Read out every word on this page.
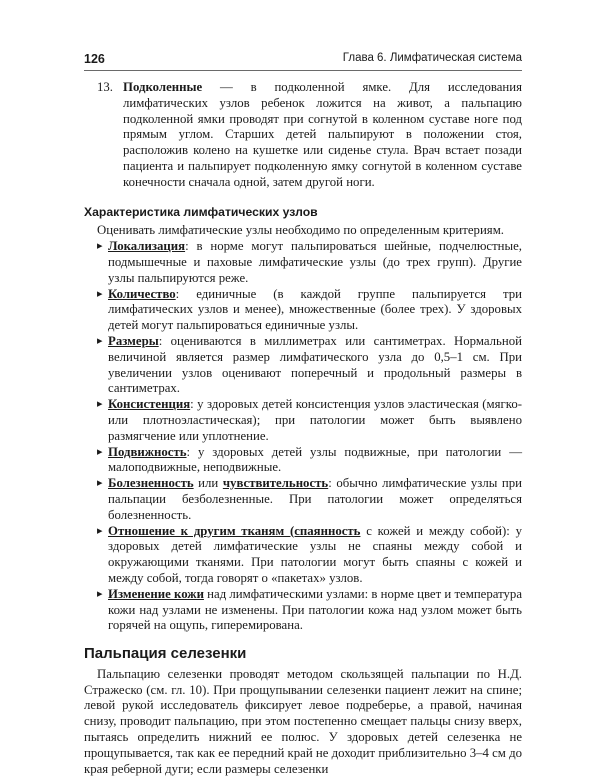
126	Глава 6. Лимфатическая система
13. Подколенные — в подколенной ямке. Для исследования лимфатических узлов ребенок ложится на живот, а пальпацию подколенной ямки проводят при согнутой в коленном суставе ноге под прямым углом. Старших детей пальпируют в положении стоя, расположив колено на кушетке или сиденье стула. Врач встает позади пациента и пальпирует подколенную ямку согнутой в коленном суставе конечности сначала одной, затем другой ноги.

Характеристика лимфатических узлов

Оценивать лимфатические узлы необходимо по определенным критериям.

▸ Локализация: в норме могут пальпироваться шейные, подчелюстные, подмышечные и паховые лимфатические узлы (до трех групп). Другие узлы пальпируются реже.
▸ Количество: единичные (в каждой группе пальпируется три лимфатических узлов и менее), множественные (более трех). У здоровых детей могут пальпироваться единичные узлы.
▸ Размеры: оцениваются в миллиметрах или сантиметрах. Нормальной величиной является размер лимфатического узла до 0,5–1 см. При увеличении узлов оценивают поперечный и продольный размеры в сантиметрах.
▸ Консистенция: у здоровых детей консистенция узлов эластическая (мягко- или плотноэластическая); при патологии может быть выявлено размягчение или уплотнение.
▸ Подвижность: у здоровых детей узлы подвижные, при патологии — малоподвижные, неподвижные.
▸ Болезненность или чувствительность: обычно лимфатические узлы при пальпации безболезненные. При патологии может определяться болезненность.
▸ Отношение к другим тканям (спаянность с кожей и между собой): у здоровых детей лимфатические узлы не спаяны между собой и окружающими тканями. При патологии могут быть спаяны с кожей и между собой, тогда говорят о «пакетах» узлов.
▸ Изменение кожи над лимфатическими узлами: в норме цвет и температура кожи над узлами не изменены. При патологии кожа над узлом может быть горячей на ощупь, гиперемирована.
Пальпация селезенки

Пальпацию селезенки проводят методом скользящей пальпации по Н.Д. Стражеско (см. гл. 10). При прощупывании селезенки пациент лежит на спине; левой рукой исследователь фиксирует левое подреберье, а правой, начиная снизу, проводит пальпацию, при этом постепенно смещает пальцы снизу вверх, пытаясь определить нижний ее полюс. У здоровых детей селезенка не прощупывается, так как ее передний край не доходит приблизительно 3–4 см до края реберной дуги; если размеры селезенки
